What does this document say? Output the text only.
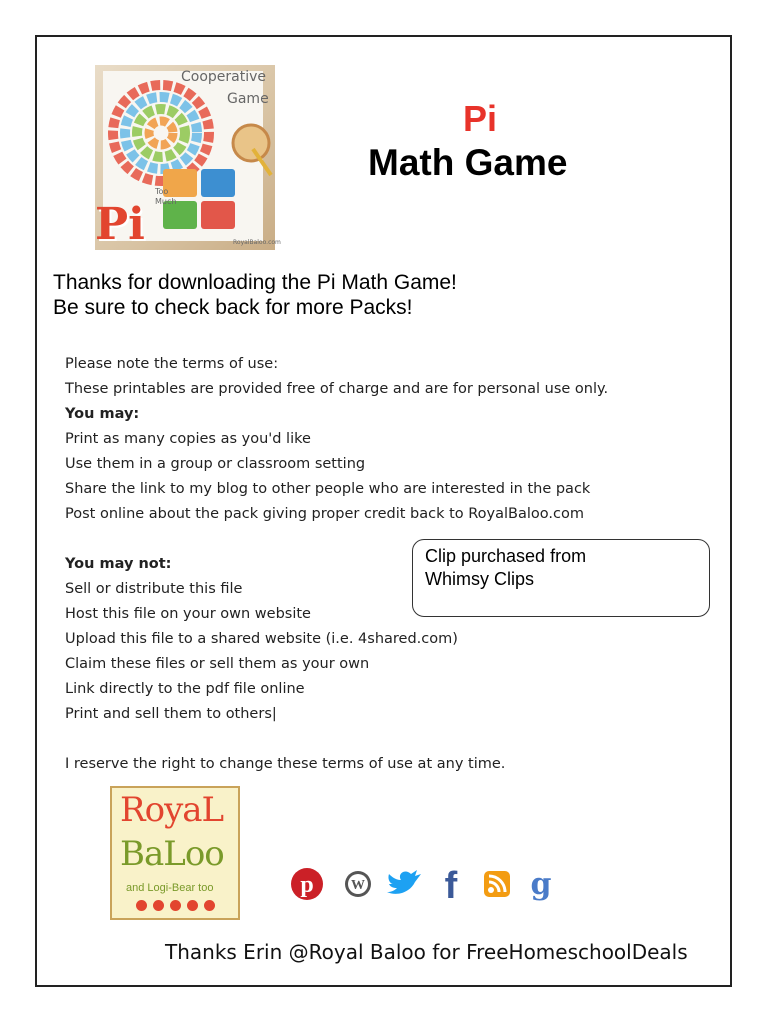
Cooperative
Game
Too Much
Pi	RoyalBaloo.com
Pi
Math Game
Thanks for downloading the Pi Math Game!
Be sure to check back for more Packs!
Please note the terms of use:
These printables are provided free of charge and are for personal use only.
You may:
Print as many copies as you'd like
Use them in a group or classroom setting
Share the link to my blog to other people who are interested in the pack
Post online about the pack giving proper credit back to RoyalBaloo.com
You may not:
Sell or distribute this file
Host this file on your own website
Upload this file to a shared website (i.e. 4shared.com)
Claim these files or sell them as your own
Link directly to the pdf file online
Print and sell them to others|
I reserve the right to change these terms of use at any time.
Clip purchased from
Whimsy Clips
RoyaL
BaLoo
and Logi-Bear too	p	W f g
Thanks Erin @Royal Baloo for FreeHomeschoolDeals
